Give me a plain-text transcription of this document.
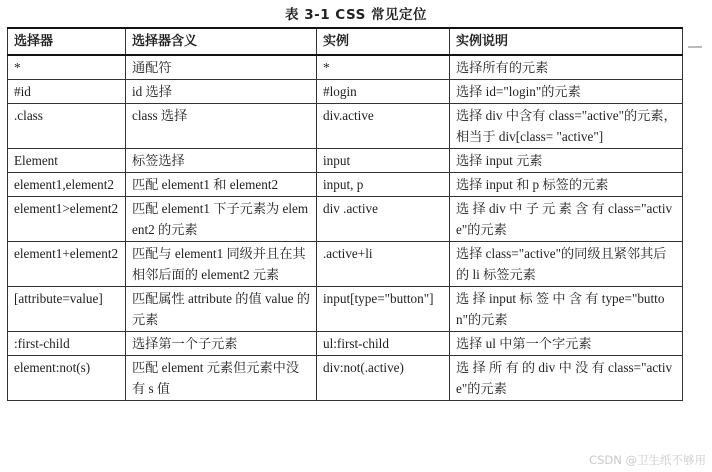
表 3-1 CSS 常见定位
选择器	选择器含义	实例	实例说明
*	通配符	*	选择所有的元素
#id	id 选择	#login	选择 id="login"的元素
.class	class 选择	div.active	选择 div 中含有 class="active"的元素，相当于 div[class= "active"]
Element	标签选择	input	选择 input 元素
element1,element2	匹配 element1 和 element2	input, p	选择 input 和 p 标签的元素
element1>element2	匹配 element1 下子元素为 element2 的元素	div .active	选 择 div 中 子 元 素 含 有 class="active"的元素
element1+element2	匹配与 element1 同级并且在其相邻后面的 element2 元素	.active+li	选择 class="active"的同级且紧邻其后的 li 标签元素
[attribute=value]	匹配属性 attribute 的值 value 的元素	input[type="button"]	选 择 input 标 签 中 含 有 type="button"的元素
:first-child	选择第一个子元素	ul:first-child	选择 ul 中第一个字元素
element:not(s)	匹配 element 元素但元素中没有 s 值	div:not(.active)	选 择 所 有 的 div 中 没 有 class="active"的元素
CSDN @卫生纸不够用
